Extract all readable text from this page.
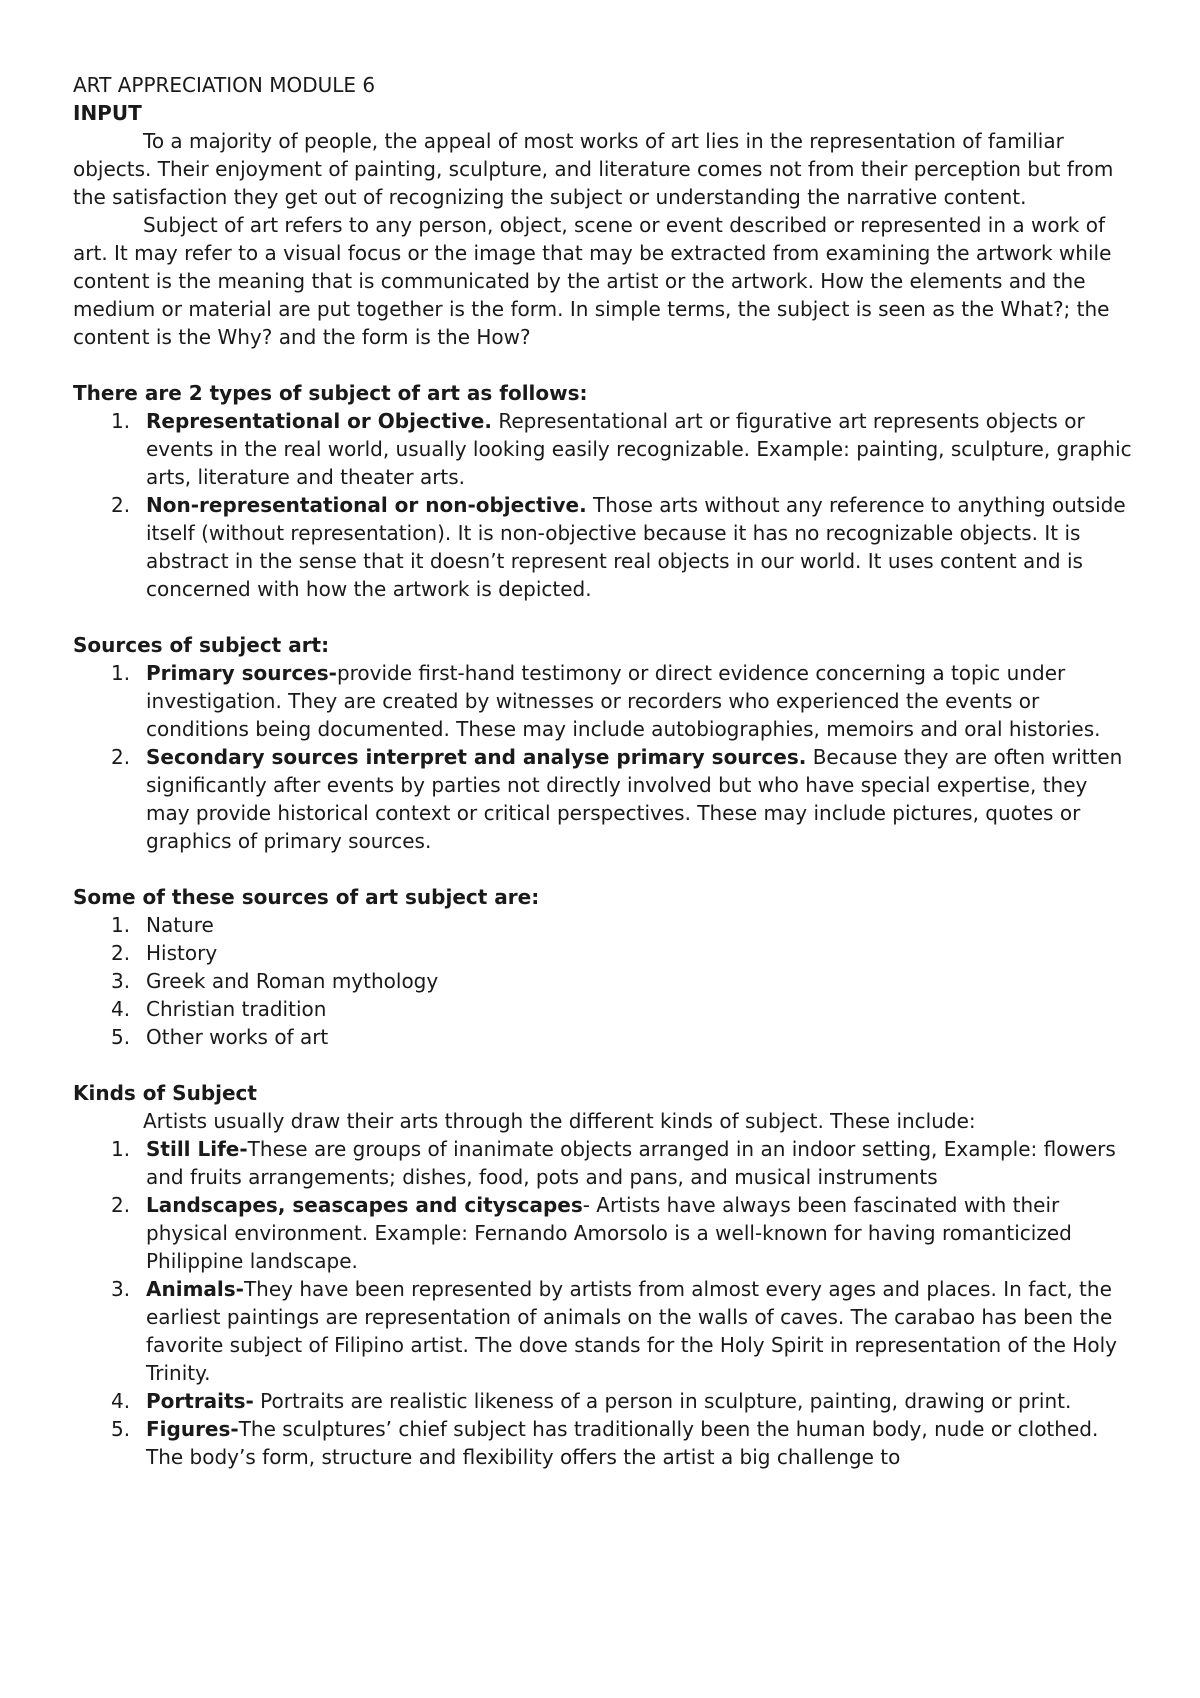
ART APPRECIATION MODULE 6

INPUT

To a majority of people, the appeal of most works of art lies in the representation of familiar objects. Their enjoyment of painting, sculpture, and literature comes not from their perception but from the satisfaction they get out of recognizing the subject or understanding the narrative content.

Subject of art refers to any person, object, scene or event described or represented in a work of art. It may refer to a visual focus or the image that may be extracted from examining the artwork while content is the meaning that is communicated by the artist or the artwork. How the elements and the medium or material are put together is the form. In simple terms, the subject is seen as the What?; the content is the Why? and the form is the How?

There are 2 types of subject of art as follows:

1. Representational or Objective. Representational art or figurative art represents objects or events in the real world, usually looking easily recognizable. Example: painting, sculpture, graphic arts, literature and theater arts.
2. Non-representational or non-objective. Those arts without any reference to anything outside itself (without representation). It is non-objective because it has no recognizable objects. It is abstract in the sense that it doesn’t represent real objects in our world. It uses content and is concerned with how the artwork is depicted.

Sources of subject art:

1. Primary sources-provide first-hand testimony or direct evidence concerning a topic under investigation. They are created by witnesses or recorders who experienced the events or conditions being documented. These may include autobiographies, memoirs and oral histories.
2. Secondary sources interpret and analyse primary sources. Because they are often written significantly after events by parties not directly involved but who have special expertise, they may provide historical context or critical perspectives. These may include pictures, quotes or graphics of primary sources.

Some of these sources of art subject are:

1. Nature
2. History
3. Greek and Roman mythology
4. Christian tradition
5. Other works of art

Kinds of Subject

Artists usually draw their arts through the different kinds of subject. These include:

1. Still Life-These are groups of inanimate objects arranged in an indoor setting, Example: flowers and fruits arrangements; dishes, food, pots and pans, and musical instruments
2. Landscapes, seascapes and cityscapes- Artists have always been fascinated with their physical environment. Example: Fernando Amorsolo is a well-known for having romanticized Philippine landscape.
3. Animals-They have been represented by artists from almost every ages and places. In fact, the earliest paintings are representation of animals on the walls of caves. The carabao has been the favorite subject of Filipino artist. The dove stands for the Holy Spirit in representation of the Holy Trinity.
4. Portraits- Portraits are realistic likeness of a person in sculpture, painting, drawing or print.
5. Figures-The sculptures’ chief subject has traditionally been the human body, nude or clothed. The body’s form, structure and flexibility offers the artist a big challenge to
